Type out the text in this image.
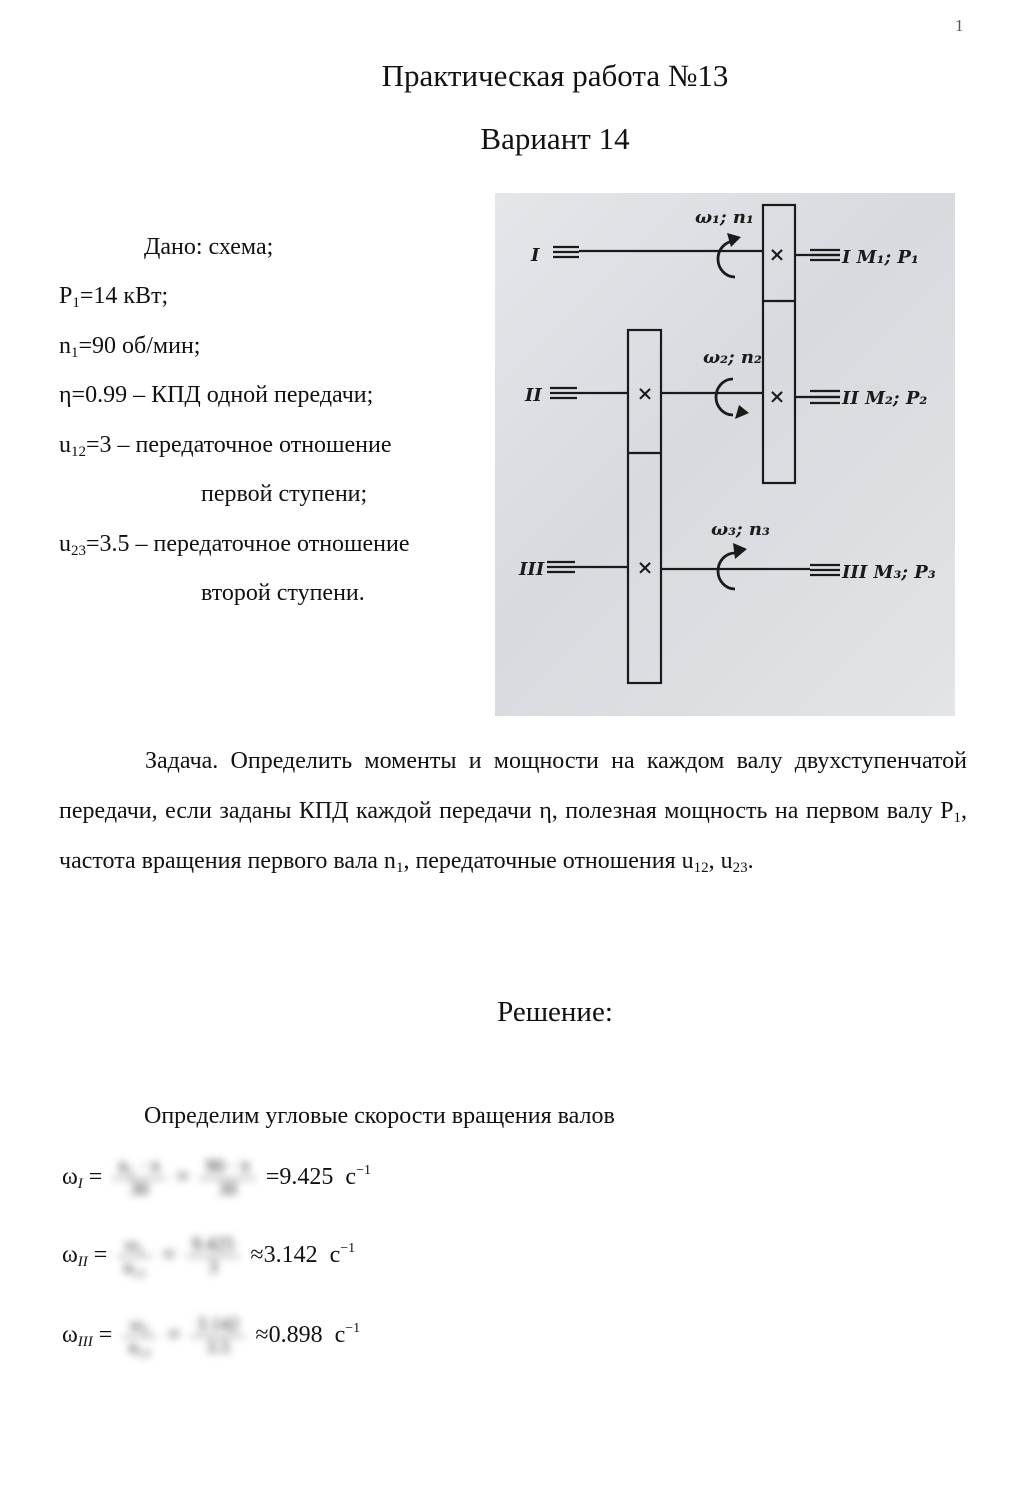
1
Практическая работа №13
Вариант 14
Дано: схема;
$P_1=14$ кВт;
$n_1=90$ об/мин;
η=0.99 – КПД одной передачи;
$u_{12}=3$ – передаточное отношение
первой ступени;
$u_{23}=3.5$ – передаточное отношение
второй ступени.
×
×
×
×
I
II
III
I M₁; P₁
II M₂; P₂
III M₃; P₃
ω₁; n₁
ω₂; n₂
ω₃; n₃

Задача. Определить моменты и мощности на каждом валу двухступенчатой передачи, если заданы КПД каждой передачи η, полезная мощность на первом валу $P_1$, частота вращения первого вала $n_1$, передаточные отношения $u_{12}$, $u_{23}$.

Решение:
Определим угловые скорости вращения валов
$\omega_I = \frac{\text{n₁ · π}}{30} = \frac{90 \cdot \pi}{30} =9.425$ $с^{-1}$
$\omega_{II} = \frac{\text{ω₁}}{\text{u₁₂}} = \frac{9.425}{3} \approx 3.142$ $с^{-1}$
$\omega_{III} = \frac{\text{ω₂}}{\text{u₂₃}} = \frac{3.142}{3.5} \approx 0.898$ $с^{-1}$
